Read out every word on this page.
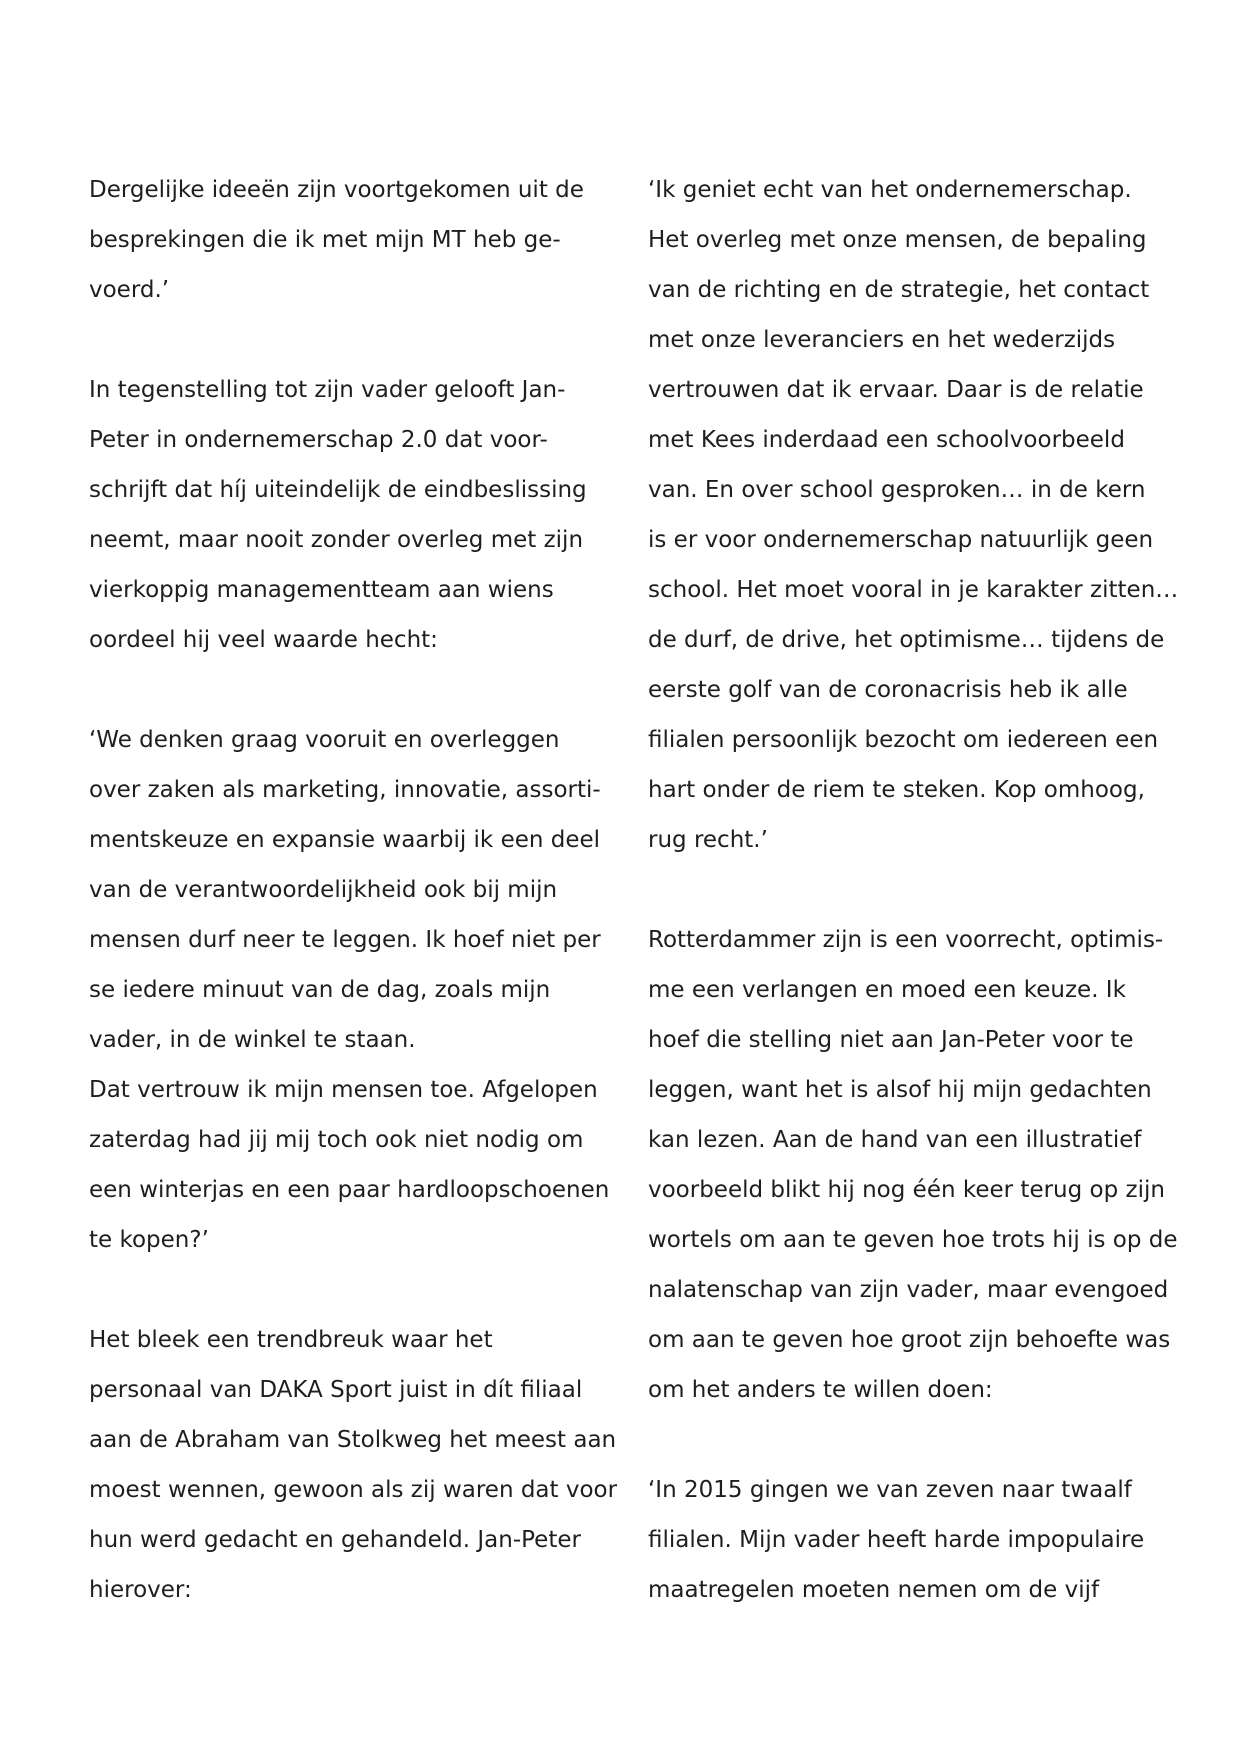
Dergelijke ideeën zijn voortgekomen uit de
besprekingen die ik met mijn MT heb ge-
voerd.’
In tegenstelling tot zijn vader gelooft Jan-
Peter in ondernemerschap 2.0 dat voor-
schrijft dat híj uiteindelijk de eindbeslissing
neemt, maar nooit zonder overleg met zijn
vierkoppig managementteam aan wiens
oordeel hij veel waarde hecht:
‘We denken graag vooruit en overleggen
over zaken als marketing, innovatie, assorti-
mentskeuze en expansie waarbij ik een deel
van de verantwoordelijkheid ook bij mijn
mensen durf neer te leggen. Ik hoef niet per
se iedere minuut van de dag, zoals mijn
vader, in de winkel te staan.
Dat vertrouw ik mijn mensen toe. Afgelopen
zaterdag had jij mij toch ook niet nodig om
een winterjas en een paar hardloopschoenen
te kopen?’
Het bleek een trendbreuk waar het
personaal van DAKA Sport juist in dít filiaal
aan de Abraham van Stolkweg het meest aan
moest wennen, gewoon als zij waren dat voor
hun werd gedacht en gehandeld. Jan-Peter
hierover:
‘Ik geniet echt van het ondernemerschap.
Het overleg met onze mensen, de bepaling
van de richting en de strategie, het contact
met onze leveranciers en het wederzijds
vertrouwen dat ik ervaar. Daar is de relatie
met Kees inderdaad een schoolvoorbeeld
van. En over school gesproken… in de kern
is er voor ondernemerschap natuurlijk geen
school. Het moet vooral in je karakter zitten…
de durf, de drive, het optimisme… tijdens de
eerste golf van de coronacrisis heb ik alle
filialen persoonlijk bezocht om iedereen een
hart onder de riem te steken. Kop omhoog,
rug recht.’
Rotterdammer zijn is een voorrecht, optimis-
me een verlangen en moed een keuze. Ik
hoef die stelling niet aan Jan-Peter voor te
leggen, want het is alsof hij mijn gedachten
kan lezen. Aan de hand van een illustratief
voorbeeld blikt hij nog één keer terug op zijn
wortels om aan te geven hoe trots hij is op de
nalatenschap van zijn vader, maar evengoed
om aan te geven hoe groot zijn behoefte was
om het anders te willen doen:
‘In 2015 gingen we van zeven naar twaalf
filialen. Mijn vader heeft harde impopulaire
maatregelen moeten nemen om de vijf
